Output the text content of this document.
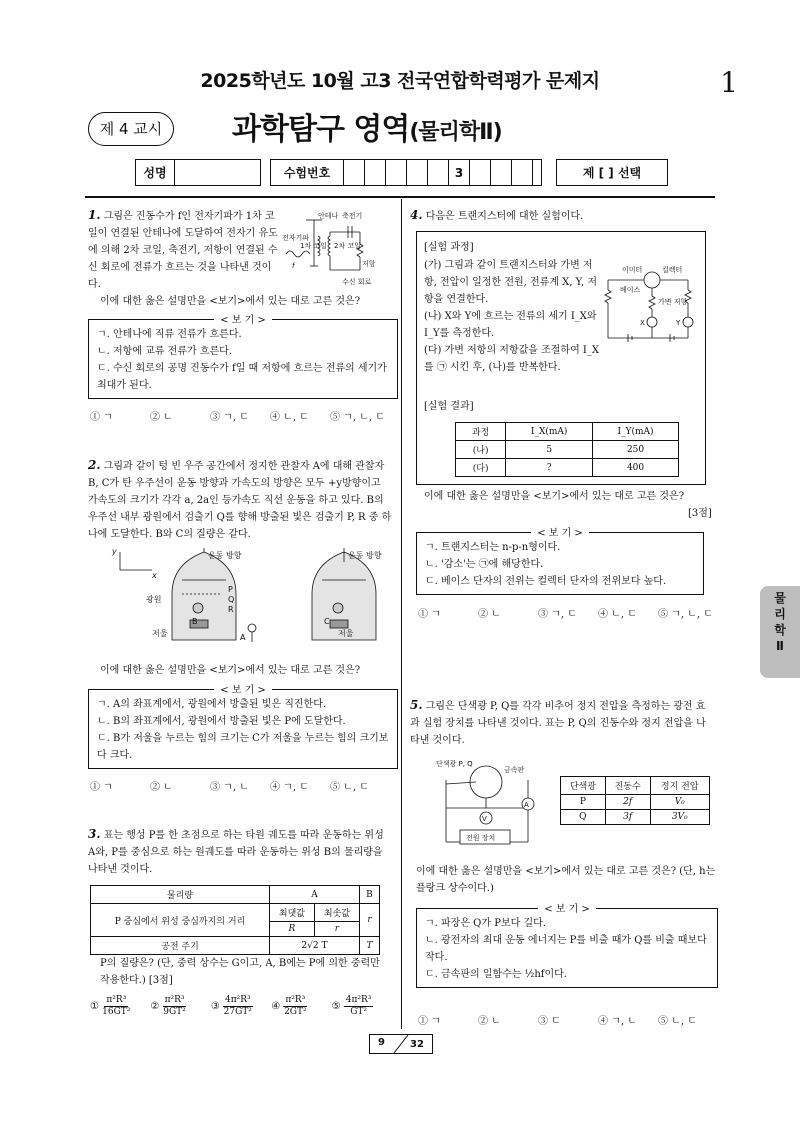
2025학년도 10월 고3 전국연합학력평가 문제지	1
제 4 교시	과학탐구 영역(물리학Ⅱ)
성명	수험번호	3	제 [ ] 선택
1. 그림은 진동수가 f인 전자기파가 1차 코일이 연결된 안테나에 도달하여 전자기 유도에 의해 2차 코일, 축전기, 저항이 연결된 수신 회로에 전류가 흐르는 것을 나타낸 것이다.
안테나 축전기
전자기파
f
1차 코일 2차 코일
저항
수신 회로
이에 대한 옳은 설명만을 <보기>에서 있는 대로 고른 것은?
< 보 기 >
ㄱ. 안테나에 직류 전류가 흐른다.
ㄴ. 저항에 교류 전류가 흐른다.
ㄷ. 수신 회로의 공명 진동수가 f일 때 저항에 흐르는 전류의 세기가 최대가 된다.
① ㄱ	② ㄴ	③ ㄱ, ㄷ	④ ㄴ, ㄷ	⑤ ㄱ, ㄴ, ㄷ
2. 그림과 같이 텅 빈 우주 공간에서 정지한 관찰자 A에 대해 관찰자 B, C가 탄 우주선이 운동 방향과 가속도의 방향은 모두 +y방향이고 가속도의 크기가 각각 a, 2a인 등가속도 직선 운동을 하고 있다. B의 우주선 내부 광원에서 검출기 Q를 향해 방출된 빛은 검출기 P, R 중 하나에 도달한다. B와 C의 질량은 같다.
운동 방향	운동 방향
y
x
광원
P
Q
R
저울	저울
B	C
A
이에 대한 옳은 설명만을 <보기>에서 있는 대로 고른 것은?
< 보 기 >
ㄱ. A의 좌표계에서, 광원에서 방출된 빛은 직진한다.
ㄴ. B의 좌표계에서, 광원에서 방출된 빛은 P에 도달한다.
ㄷ. B가 저울을 누르는 힘의 크기는 C가 저울을 누르는 힘의 크기보다 크다.
① ㄱ	② ㄴ	③ ㄱ, ㄴ	④ ㄱ, ㄷ	⑤ ㄴ, ㄷ
3. 표는 행성 P를 한 초점으로 하는 타원 궤도를 따라 운동하는 위성 A와, P를 중심으로 하는 원궤도를 따라 운동하는 위성 B의 물리량을 나타낸 것이다.
물리량	A		B
P 중심에서 위성 중심까지의 거리	최댓값	최솟값	r
	R	r	
공전 주기	2√2 T		T
P의 질량은? (단, 중력 상수는 G이고, A, B에는 P에 의한 중력만 작용한다.) [3점]
① $\frac{\text{π²R³}}{\text{16GT²}}$ ② $\frac{\text{π²R³}}{\text{9GT²}}$ ③ $\frac{\text{4π²R³}}{\text{27GT²}}$ ④ $\frac{\text{π²R³}}{\text{2GT²}}$ ⑤ $\frac{\text{4π²R³}}{\text{GT²}}$
4. 다음은 트랜지스터에 대한 실험이다.
[실험 과정]
(가) 그림과 같이 트랜지스터와 가변 저항, 전압이 일정한 전원, 전류계 X, Y, 저항을 연결한다.
(나) X와 Y에 흐르는 전류의 세기 I_X와 I_Y를 측정한다.
(다) 가변 저항의 저항값을 조절하여 I_X를 ㉠ 시킨 후, (나)를 반복한다.
이미터	컬렉터
베이스
가변 저항
X	Y
[실험 결과]
과정	I_X(mA)	I_Y(mA)
(나)	5	250
(다)	?	400
이에 대한 옳은 설명만을 <보기>에서 있는 대로 고른 것은?
[3점]
< 보 기 >
ㄱ. 트랜지스터는 n-p-n형이다.
ㄴ. '감소'는 ㉠에 해당한다.
ㄷ. 베이스 단자의 전위는 컬렉터 단자의 전위보다 높다.
① ㄱ	② ㄴ	③ ㄱ, ㄷ	④ ㄴ, ㄷ	⑤ ㄱ, ㄴ, ㄷ
5. 그림은 단색광 P, Q를 각각 비추어 정지 전압을 측정하는 광전 효과 실험 장치를 나타낸 것이다. 표는 P, Q의 진동수와 정지 전압을 나타낸 것이다.
단색광 P, Q
금속판
A
V
전원 장치
단색광	진동수	정지 전압
P	2f	V₀
Q	3f	3V₀
이에 대한 옳은 설명만을 <보기>에서 있는 대로 고른 것은? (단, h는 플랑크 상수이다.)
< 보 기 >
ㄱ. 파장은 Q가 P보다 길다.
ㄴ. 광전자의 최대 운동 에너지는 P를 비출 때가 Q를 비출 때보다 작다.
ㄷ. 금속판의 일함수는 ½hf이다.
① ㄱ	② ㄴ	③ ㄷ	④ ㄱ, ㄴ	⑤ ㄴ, ㄷ
물
리
학
Ⅱ
9	32
